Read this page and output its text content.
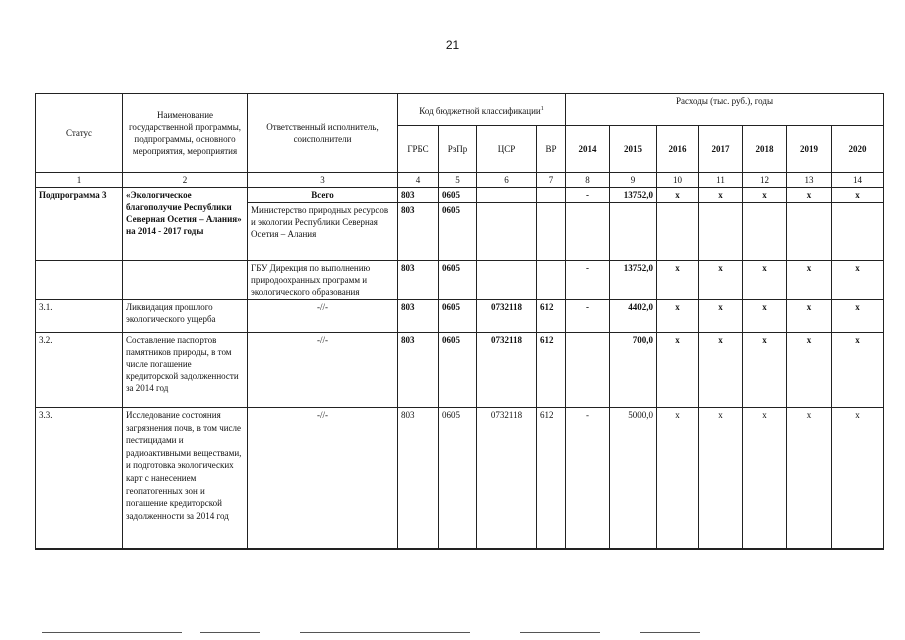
21
Статус	Наименование государственной программы, подпрограммы, основного мероприятия, мероприятия	Ответственный исполнитель, соисполнители	Код бюджетной классификации$^1$				Расходы (тыс. руб.), годы						
			ГРБС	РзПр	ЦСР	ВР	2014	2015	2016	2017	2018	2019	2020
1	2	3	4	5	6	7	8	9	10	11	12	13	14
Подпрограмма 3	«Экологическое благополучие Республики Северная Осетия – Алания» на 2014 - 2017 годы	Всего	803	0605			-	13752,0	x	x	x	x	x
		Министерство природных ресурсов и экологии Республики Северная Осетия – Алания	803	0605									
		ГБУ Дирекция по выполнению природоохранных программ и экологического образования	803	0605			-	13752,0	x	x	x	x	x
3.1.	Ликвидация прошлого экологического ущерба	-//-	803	0605	0732118	612	-	4402,0	x	x	x	x	x
3.2.	Составление паспортов памятников природы, в том числе погашение кредиторской задолженности за 2014 год	-//-	803	0605	0732118	612		700,0	x	x	x	x	x
3.3.	Исследование состояния загрязнения почв, в том числе пестицидами и радиоактивными веществами, и подготовка экологических карт с нанесением геопатогенных зон и погашение кредиторской задолженности за 2014 год	-//-	803	0605	0732118	612	-	5000,0	x	x	x	x	x
